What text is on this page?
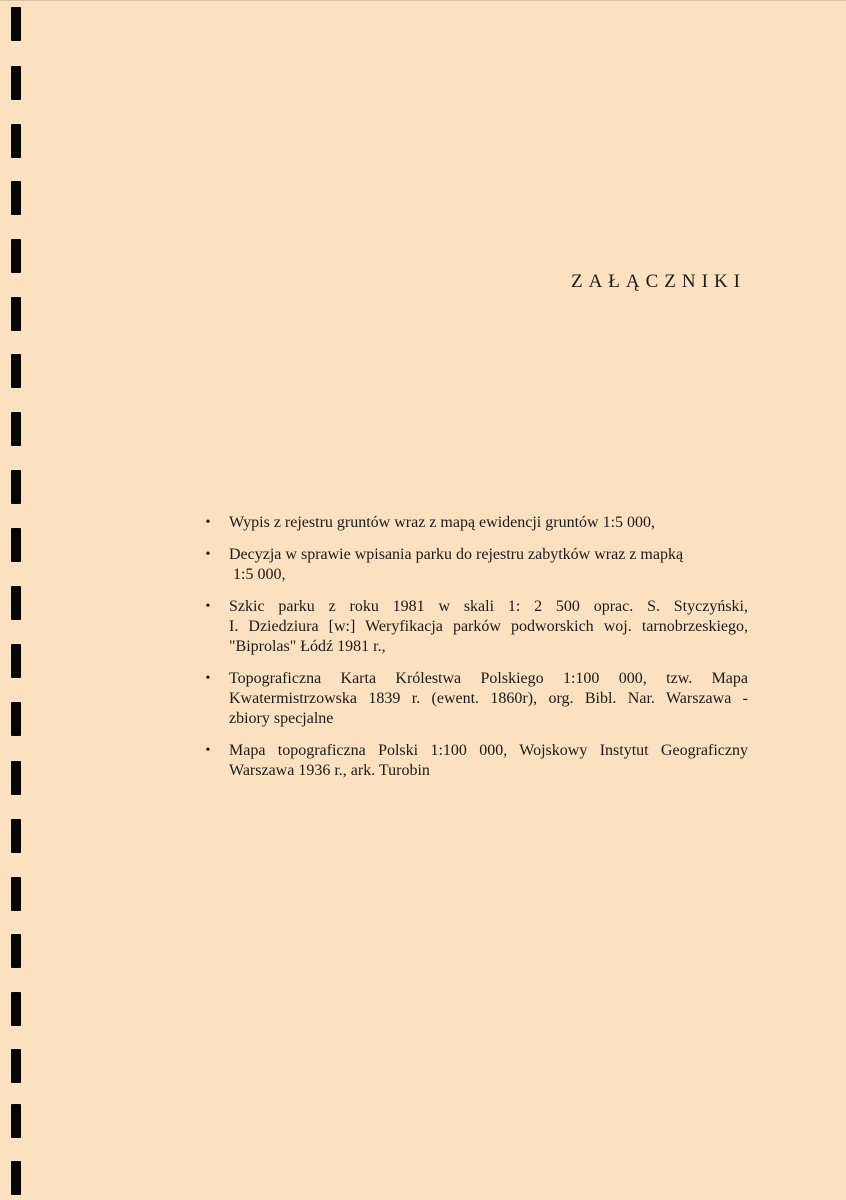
ZAŁĄCZNIKI
• Wypis z rejestru gruntów wraz z mapą ewidencji gruntów 1:5 000,
• Decyzja w sprawie wpisania parku do rejestru zabytków wraz z mapką
1:5 000,
• Szkic parku z roku 1981 w skali 1: 2 500 oprac. S. Styczyński,
I. Dziedziura [w:] Weryfikacja parków podworskich woj. tarnobrzeskiego,
"Biprolas" Łódź 1981 r.,
• Topograficzna Karta Królestwa Polskiego 1:100 000, tzw. Mapa
Kwatermistrzowska 1839 r. (ewent. 1860r), org. Bibl. Nar. Warszawa -
zbiory specjalne
• Mapa topograficzna Polski 1:100 000, Wojskowy Instytut Geograficzny
Warszawa 1936 r., ark. Turobin
